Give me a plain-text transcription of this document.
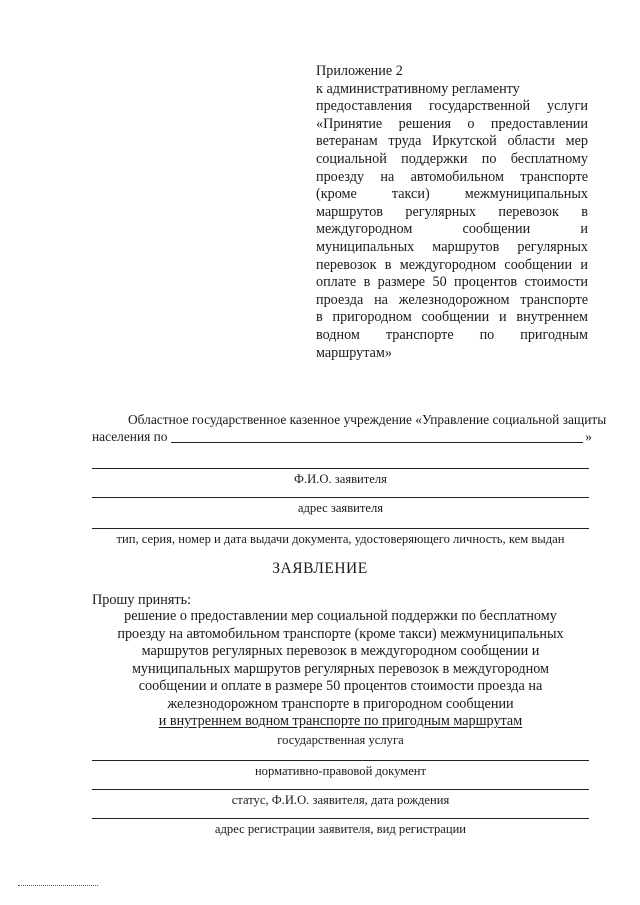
Приложение 2
к административному регламенту
предоставления государственной услуги
«Принятие решения о предоставлении
ветеранам труда Иркутской области мер
социальной поддержки по бесплатному
проезду на автомобильном транспорте
(кроме такси) межмуниципальных
маршрутов регулярных перевозок в
междугородном сообщении и
муниципальных маршрутов регулярных
перевозок в междугородном сообщении и
оплате в размере 50 процентов стоимости
проезда на железнодорожном транспорте
в пригородном сообщении и внутреннем
водном транспорте по пригодным
маршрутам»
Областное государственное казенное учреждение «Управление социальной защиты
населения по	»
Ф.И.О. заявителя
адрес заявителя
тип, серия, номер и дата выдачи документа, удостоверяющего личность, кем выдан
ЗАЯВЛЕНИЕ
Прошу принять:
решение о предоставлении мер социальной поддержки по бесплатному
проезду на автомобильном транспорте (кроме такси) межмуниципальных
маршрутов регулярных перевозок в междугородном сообщении и
муниципальных маршрутов регулярных перевозок в междугородном
сообщении и оплате в размере 50 процентов стоимости проезда на
железнодорожном транспорте в пригородном сообщении
и внутреннем водном транспорте по пригодным маршрутам
государственная услуга
нормативно-правовой документ
статус, Ф.И.О. заявителя, дата рождения
адрес регистрации заявителя, вид регистрации
